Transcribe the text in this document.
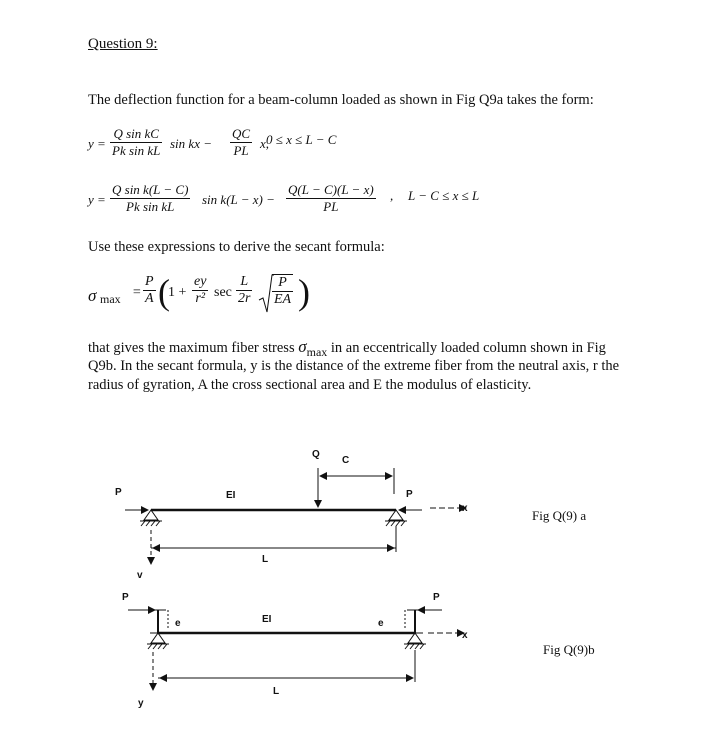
Question 9:
The deflection function for a beam-column loaded as shown in Fig Q9a takes the form:
$y = \frac{\text{Q sin kC}}{\text{Pk sin kL}}$ sin kx − $\frac{QC}{PL} x$,
0 ≤ x ≤ L − C
$y = \frac{\text{Q sin k(L − C)}}{\text{Pk sin kL}}$ $\sin k(L - x) - \frac{Q(L - C)(L - x)}{PL}$ , L − C ≤ x ≤ L
Use these expressions to derive the secant formula:
σ $\max = \frac{P}{A}$ (
$1 + \frac{ey}{\text{r²}}$ $\sec \frac{L}{2r} \frac{P}{EA}$ )
that gives the maximum fiber stress $\sigma_{max}$ in an eccentrically loaded column shown in Fig
Q9b. In the secant formula, y is the distance of the extreme fiber from the neutral axis, r the
radius of gyration, A the cross sectional area and E the modulus of elasticity.
Q
C
P	P
EI
x
L
v
Fig Q(9) a
P	P
e	e
EI
x
L
y
Fig Q(9)b
